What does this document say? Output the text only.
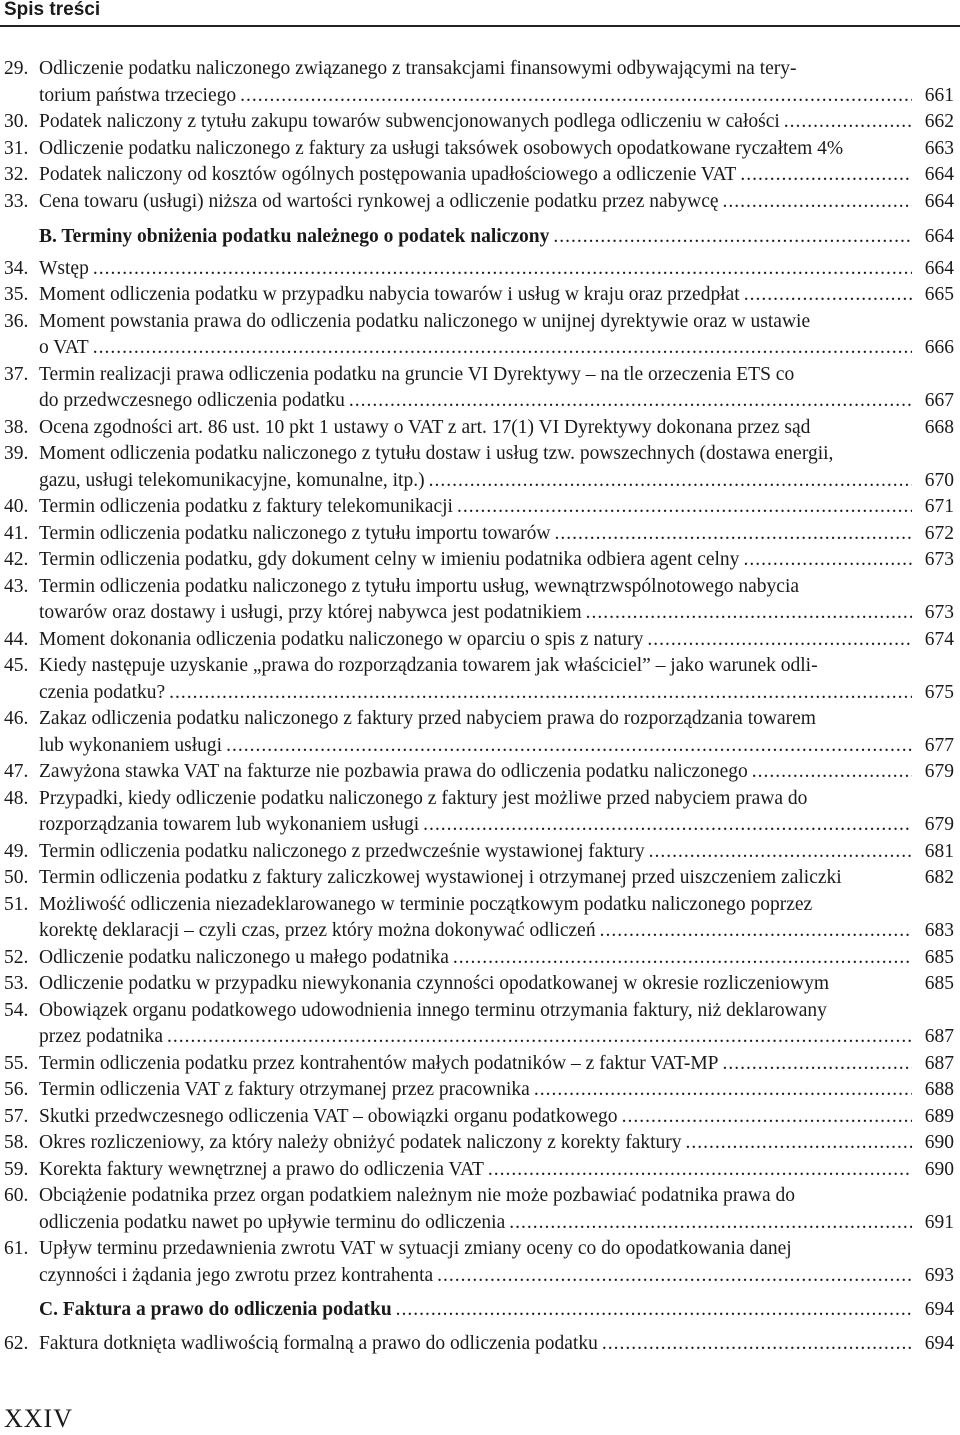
Spis treści
29. Odliczenie podatku naliczonego związanego z transakcjami finansowymi odbywającymi na tery-
torium państwa trzeciego .....	661
30. Podatek naliczony z tytułu zakupu towarów subwencjonowanych podlega odliczeniu w całości .....	662
31. Odliczenie podatku naliczonego z faktury za usługi taksówek osobowych opodatkowane ryczałtem 4%	663
32. Podatek naliczony od kosztów ogólnych postępowania upadłościowego a odliczenie VAT .....	664
33. Cena towaru (usługi) niższa od wartości rynkowej a odliczenie podatku przez nabywcę .....	664
B. Terminy obniżenia podatku należnego o podatek naliczony .....	664
34. Wstęp .....	664
35. Moment odliczenia podatku w przypadku nabycia towarów i usług w kraju oraz przedpłat .....	665
36. Moment powstania prawa do odliczenia podatku naliczonego w unijnej dyrektywie oraz w ustawie
o VAT .....	666
37. Termin realizacji prawa odliczenia podatku na gruncie VI Dyrektywy – na tle orzeczenia ETS co
do przedwczesnego odliczenia podatku .....	667
38. Ocena zgodności art. 86 ust. 10 pkt 1 ustawy o VAT z art. 17(1) VI Dyrektywy dokonana przez sąd	668
39. Moment odliczenia podatku naliczonego z tytułu dostaw i usług tzw. powszechnych (dostawa energii,
gazu, usługi telekomunikacyjne, komunalne, itp.) .....	670
40. Termin odliczenia podatku z faktury telekomunikacji .....	671
41. Termin odliczenia podatku naliczonego z tytułu importu towarów .....	672
42. Termin odliczenia podatku, gdy dokument celny w imieniu podatnika odbiera agent celny .....	673
43. Termin odliczenia podatku naliczonego z tytułu importu usług, wewnątrzwspólnotowego nabycia
towarów oraz dostawy i usługi, przy której nabywca jest podatnikiem .....	673
44. Moment dokonania odliczenia podatku naliczonego w oparciu o spis z natury .....	674
45. Kiedy następuje uzyskanie „prawa do rozporządzania towarem jak właściciel” – jako warunek odli-
czenia podatku? .....	675
46. Zakaz odliczenia podatku naliczonego z faktury przed nabyciem prawa do rozporządzania towarem
lub wykonaniem usługi .....	677
47. Zawyżona stawka VAT na fakturze nie pozbawia prawa do odliczenia podatku naliczonego .....	679
48. Przypadki, kiedy odliczenie podatku naliczonego z faktury jest możliwe przed nabyciem prawa do
rozporządzania towarem lub wykonaniem usługi .....	679
49. Termin odliczenia podatku naliczonego z przedwcześnie wystawionej faktury .....	681
50. Termin odliczenia podatku z faktury zaliczkowej wystawionej i otrzymanej przed uiszczeniem zaliczki	682
51. Możliwość odliczenia niezadeklarowanego w terminie początkowym podatku naliczonego poprzez
korektę deklaracji – czyli czas, przez który można dokonywać odliczeń .....	683
52. Odliczenie podatku naliczonego u małego podatnika .....	685
53. Odliczenie podatku w przypadku niewykonania czynności opodatkowanej w okresie rozliczeniowym	685
54. Obowiązek organu podatkowego udowodnienia innego terminu otrzymania faktury, niż deklarowany
przez podatnika .....	687
55. Termin odliczenia podatku przez kontrahentów małych podatników – z faktur VAT-MP .....	687
56. Termin odliczenia VAT z faktury otrzymanej przez pracownika .....	688
57. Skutki przedwczesnego odliczenia VAT – obowiązki organu podatkowego .....	689
58. Okres rozliczeniowy, za który należy obniżyć podatek naliczony z korekty faktury .....	690
59. Korekta faktury wewnętrznej a prawo do odliczenia VAT .....	690
60. Obciążenie podatnika przez organ podatkiem należnym nie może pozbawiać podatnika prawa do
odliczenia podatku nawet po upływie terminu do odliczenia .....	691
61. Upływ terminu przedawnienia zwrotu VAT w sytuacji zmiany oceny co do opodatkowania danej
czynności i żądania jego zwrotu przez kontrahenta .....	693
C. Faktura a prawo do odliczenia podatku .....	694
62. Faktura dotknięta wadliwością formalną a prawo do odliczenia podatku .....	694
XXIV
